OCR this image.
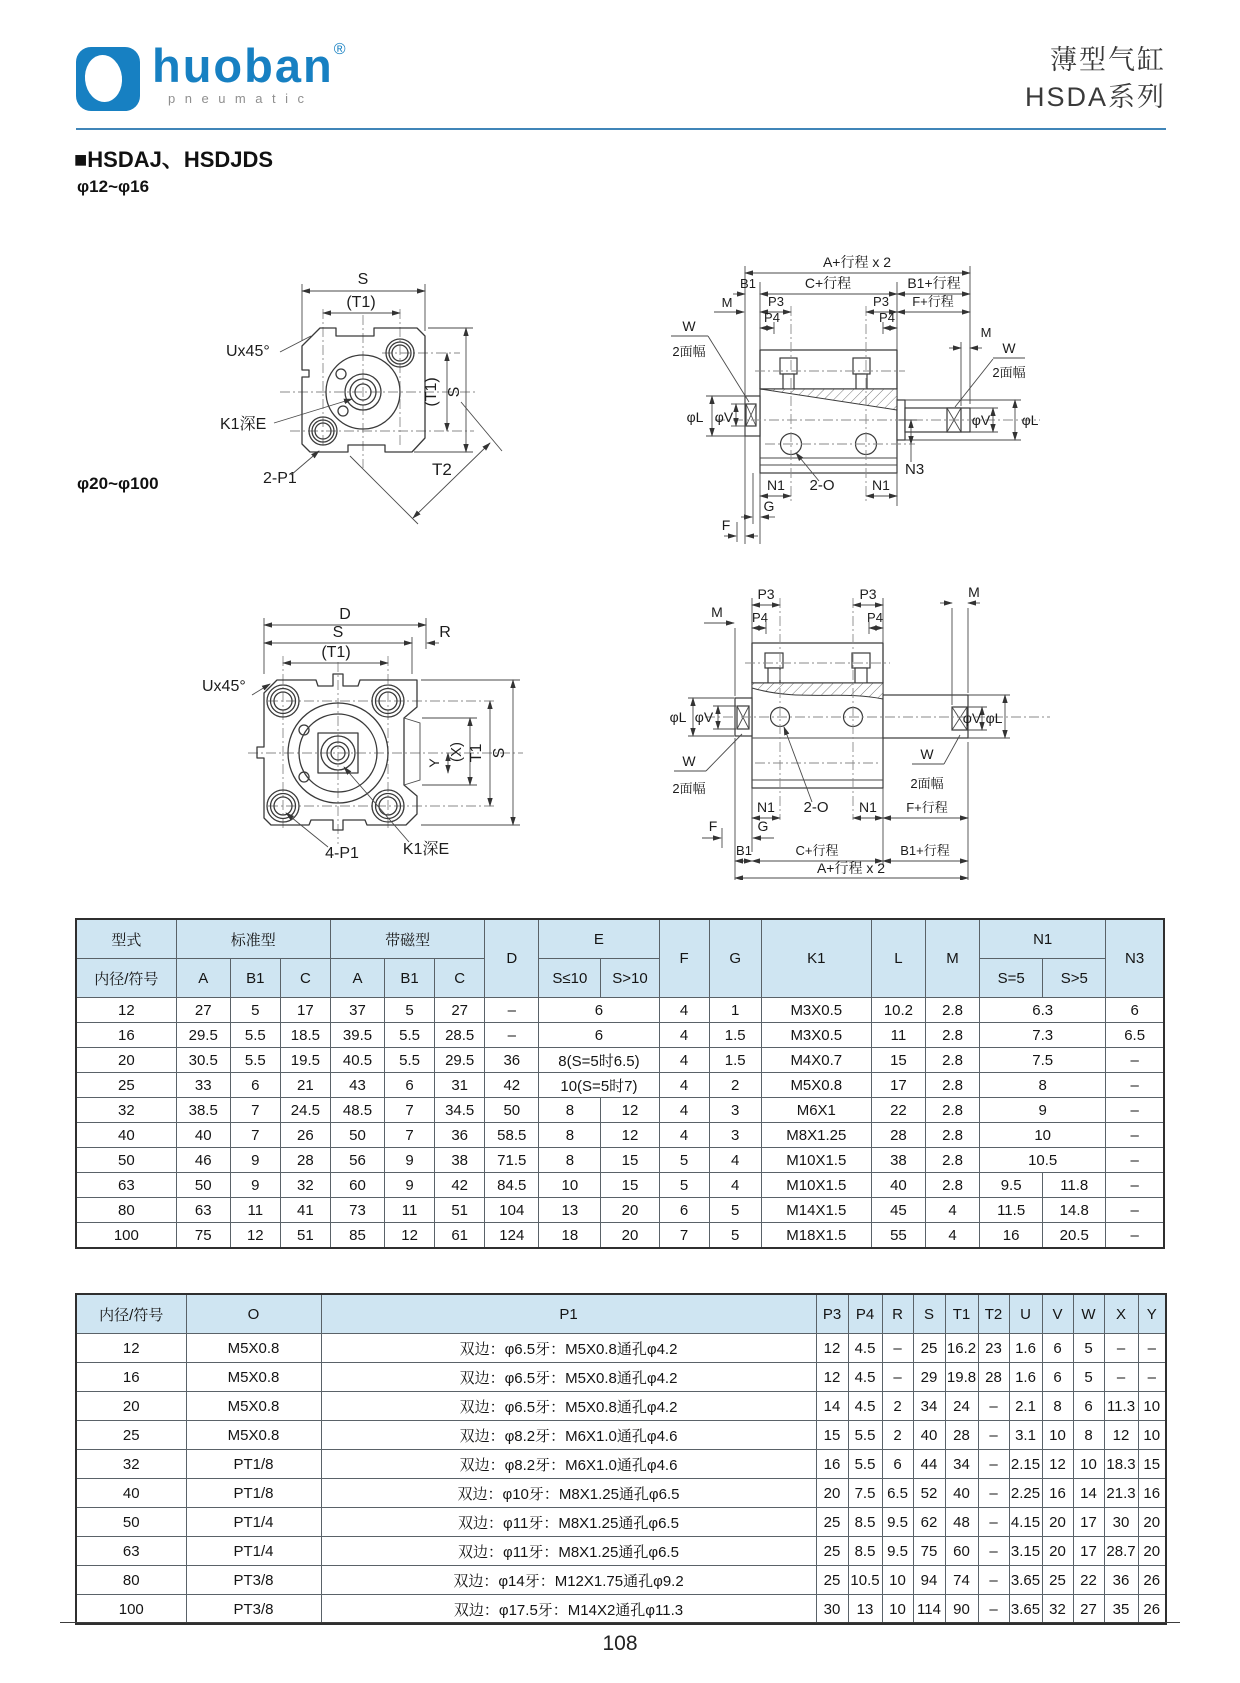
huoban®
pneumatic
薄型气缸
HSDA系列
■HSDAJ、HSDJDS
φ12~φ16
φ20~φ100
S
(T1)
(T1) S
T2
Ux45°
K1深E
2-P1
A+行程 x 2
C+行程	B1+行程
B1
M	P3	P3 F+行程
P4	P4
M
W
2面幅	W
2面幅
φL φV	φV φL
N3
N1	N1
2-O
G
F
D
S	R
(T1)
Y
(X) T1 S
Ux45°
4-P1	K1深E
P3	P3
P4	P4
M
M
φL φV	φV φL
W
2面幅
W
2面幅
N1	N1
2-O	F+行程
F	G
B1	C+行程	B1+行程
A+行程 x 2
型式	标准型			带磁型			D	E		F	G	K1	L	M	N1		N3
内径/符号	A	B1	C	A	B1	C		S≤10	S>10						S=5	S>5	
12	27	5	17	37	5	27	–	6		4	1	M3X0.5	10.2	2.8	6.3		6
16	29.5	5.5	18.5	39.5	5.5	28.5	–	6		4	1.5	M3X0.5	11	2.8	7.3		6.5
20	30.5	5.5	19.5	40.5	5.5	29.5	36	8(S=5时6.5)		4	1.5	M4X0.7	15	2.8	7.5		–
25	33	6	21	43	6	31	42	10(S=5时7)		4	2	M5X0.8	17	2.8	8		–
32	38.5	7	24.5	48.5	7	34.5	50	8	12	4	3	M6X1	22	2.8	9		–
40	40	7	26	50	7	36	58.5	8	12	4	3	M8X1.25	28	2.8	10		–
50	46	9	28	56	9	38	71.5	8	15	5	4	M10X1.5	38	2.8	10.5		–
63	50	9	32	60	9	42	84.5	10	15	5	4	M10X1.5	40	2.8	9.5	11.8	–
80	63	11	41	73	11	51	104	13	20	6	5	M14X1.5	45	4	11.5	14.8	–
100	75	12	51	85	12	61	124	18	20	7	5	M18X1.5	55	4	16	20.5	–
内径/符号	O	P1	P3	P4	R	S	T1	T2	U	V	W	X	Y
12	M5X0.8	双边：φ6.5牙：M5X0.8通孔φ4.2	12	4.5	–	25	16.2	23	1.6	6	5	–	–
16	M5X0.8	双边：φ6.5牙：M5X0.8通孔φ4.2	12	4.5	–	29	19.8	28	1.6	6	5	–	–
20	M5X0.8	双边：φ6.5牙：M5X0.8通孔φ4.2	14	4.5	2	34	24	–	2.1	8	6	11.3	10
25	M5X0.8	双边：φ8.2牙：M6X1.0通孔φ4.6	15	5.5	2	40	28	–	3.1	10	8	12	10
32	PT1/8	双边：φ8.2牙：M6X1.0通孔φ4.6	16	5.5	6	44	34	–	2.15	12	10	18.3	15
40	PT1/8	双边：φ10牙：M8X1.25通孔φ6.5	20	7.5	6.5	52	40	–	2.25	16	14	21.3	16
50	PT1/4	双边：φ11牙：M8X1.25通孔φ6.5	25	8.5	9.5	62	48	–	4.15	20	17	30	20
63	PT1/4	双边：φ11牙：M8X1.25通孔φ6.5	25	8.5	9.5	75	60	–	3.15	20	17	28.7	20
80	PT3/8	双边：φ14牙：M12X1.75通孔φ9.2	25	10.5	10	94	74	–	3.65	25	22	36	26
100	PT3/8	双边：φ17.5牙：M14X2通孔φ11.3	30	13	10	114	90	–	3.65	32	27	35	26
108
